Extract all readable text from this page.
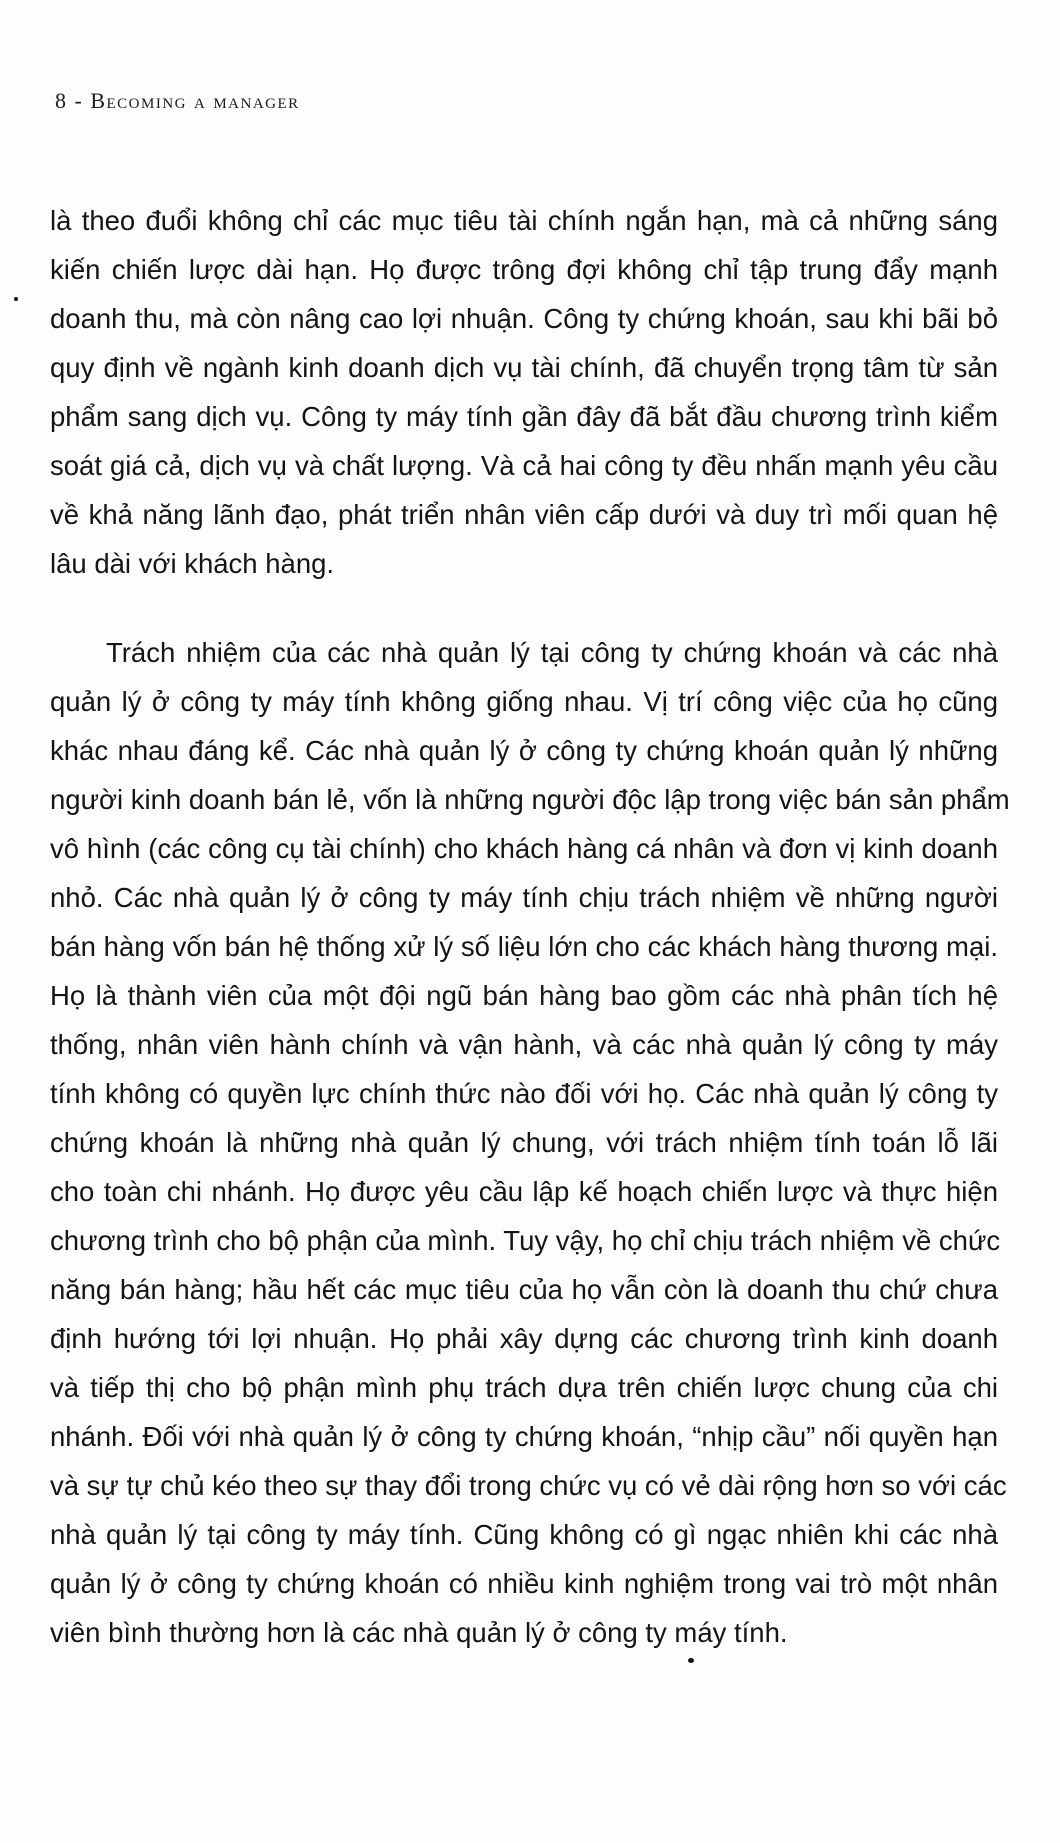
8 - Becoming a manager
là theo đuổi không chỉ các mục tiêu tài chính ngắn hạn, mà cả những sáng
kiến chiến lược dài hạn. Họ được trông đợi không chỉ tập trung đẩy mạnh
doanh thu, mà còn nâng cao lợi nhuận. Công ty chứng khoán, sau khi bãi bỏ
quy định về ngành kinh doanh dịch vụ tài chính, đã chuyển trọng tâm từ sản
phẩm sang dịch vụ. Công ty máy tính gần đây đã bắt đầu chương trình kiểm
soát giá cả, dịch vụ và chất lượng. Và cả hai công ty đều nhấn mạnh yêu cầu
về khả năng lãnh đạo, phát triển nhân viên cấp dưới và duy trì mối quan hệ
lâu dài với khách hàng.
Trách nhiệm của các nhà quản lý tại công ty chứng khoán và các nhà
quản lý ở công ty máy tính không giống nhau. Vị trí công việc của họ cũng
khác nhau đáng kể. Các nhà quản lý ở công ty chứng khoán quản lý những
người kinh doanh bán lẻ, vốn là những người độc lập trong việc bán sản phẩm
vô hình (các công cụ tài chính) cho khách hàng cá nhân và đơn vị kinh doanh
nhỏ. Các nhà quản lý ở công ty máy tính chịu trách nhiệm về những người
bán hàng vốn bán hệ thống xử lý số liệu lớn cho các khách hàng thương mại.
Họ là thành viên của một đội ngũ bán hàng bao gồm các nhà phân tích hệ
thống, nhân viên hành chính và vận hành, và các nhà quản lý công ty máy
tính không có quyền lực chính thức nào đối với họ. Các nhà quản lý công ty
chứng khoán là những nhà quản lý chung, với trách nhiệm tính toán lỗ lãi
cho toàn chi nhánh. Họ được yêu cầu lập kế hoạch chiến lược và thực hiện
chương trình cho bộ phận của mình. Tuy vậy, họ chỉ chịu trách nhiệm về chức
năng bán hàng; hầu hết các mục tiêu của họ vẫn còn là doanh thu chứ chưa
định hướng tới lợi nhuận. Họ phải xây dựng các chương trình kinh doanh
và tiếp thị cho bộ phận mình phụ trách dựa trên chiến lược chung của chi
nhánh. Đối với nhà quản lý ở công ty chứng khoán, “nhịp cầu” nối quyền hạn
và sự tự chủ kéo theo sự thay đổi trong chức vụ có vẻ dài rộng hơn so với các
nhà quản lý tại công ty máy tính. Cũng không có gì ngạc nhiên khi các nhà
quản lý ở công ty chứng khoán có nhiều kinh nghiệm trong vai trò một nhân
viên bình thường hơn là các nhà quản lý ở công ty máy tính.
